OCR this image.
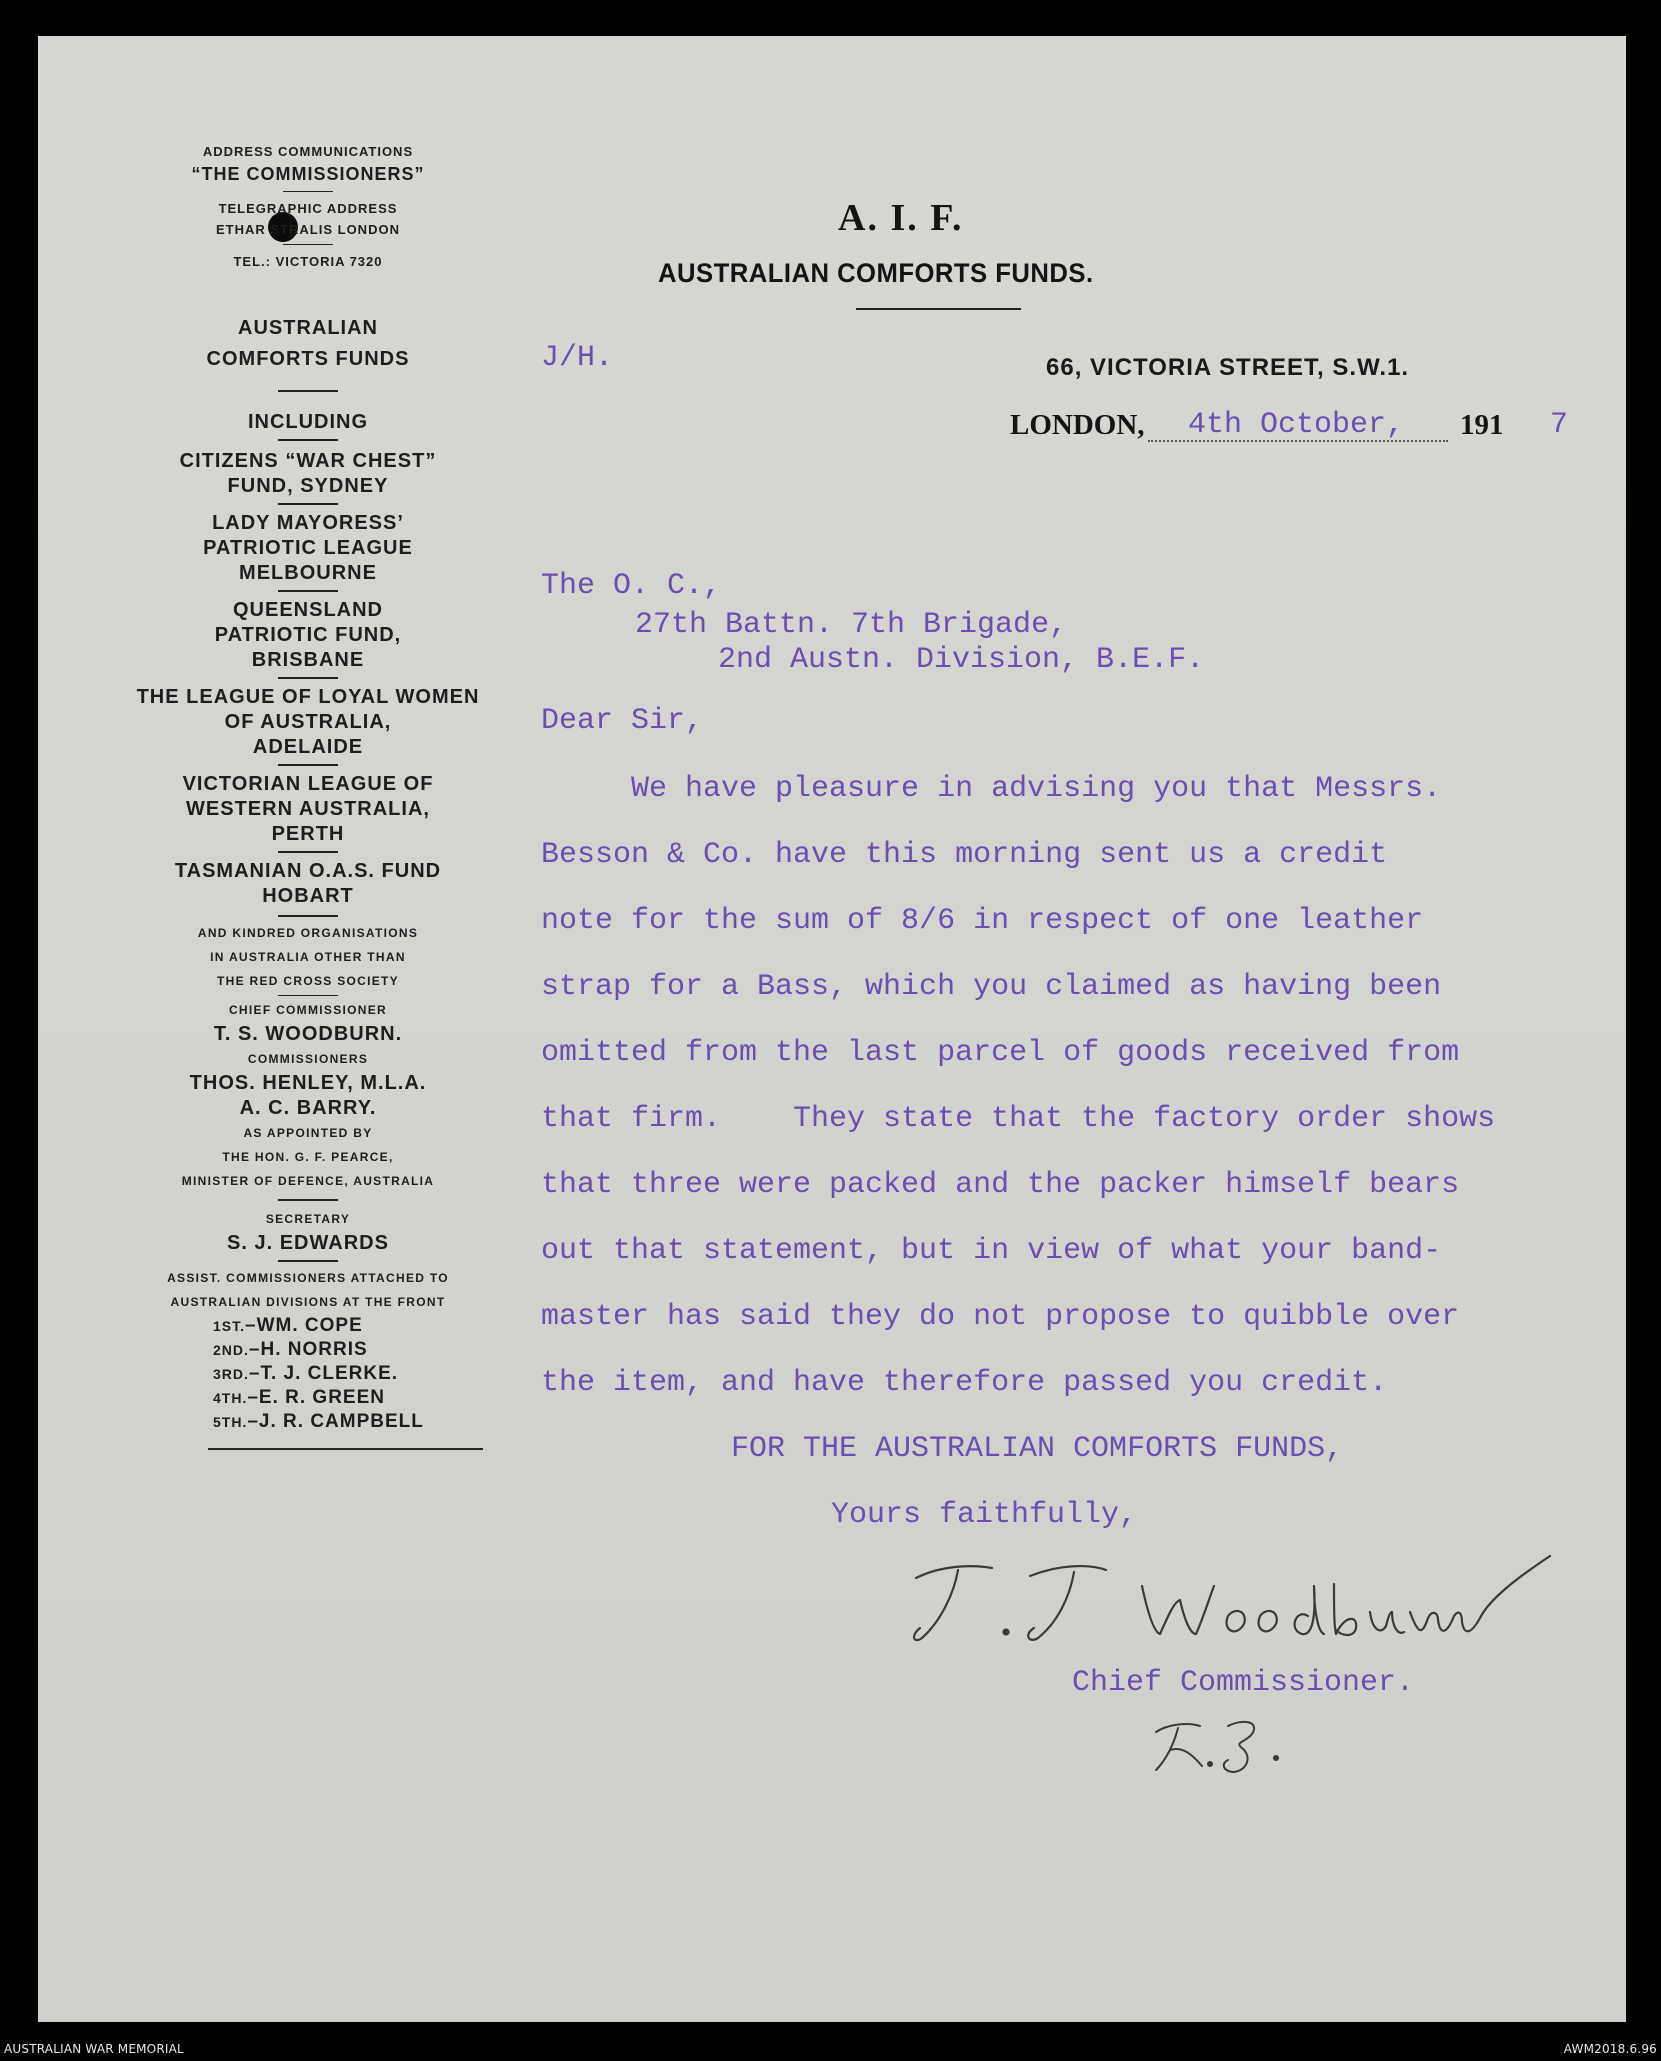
ADDRESS COMMUNICATIONS
“THE COMMISSIONERS”
TELEGRAPHIC ADDRESS
ETHAR STRALIS LONDON
TEL.: VICTORIA 7320
AUSTRALIAN
COMFORTS FUNDS
INCLUDING
CITIZENS “WAR CHEST”
FUND, SYDNEY
LADY MAYORESS’
PATRIOTIC LEAGUE
MELBOURNE
QUEENSLAND
PATRIOTIC FUND,
BRISBANE
THE LEAGUE OF LOYAL WOMEN
OF AUSTRALIA,
ADELAIDE
VICTORIAN LEAGUE OF
WESTERN AUSTRALIA,
PERTH
TASMANIAN O.A.S. FUND
HOBART
AND KINDRED ORGANISATIONS
IN AUSTRALIA OTHER THAN
THE RED CROSS SOCIETY
CHIEF COMMISSIONER
T. S. WOODBURN.
COMMISSIONERS
THOS. HENLEY, M.L.A.
A. C. BARRY.
AS APPOINTED BY
THE HON. G. F. PEARCE,
MINISTER OF DEFENCE, AUSTRALIA
SECRETARY
S. J. EDWARDS
ASSIST. COMMISSIONERS ATTACHED TO
AUSTRALIAN DIVISIONS AT THE FRONT
1ST.–WM. COPE
2ND.–H. NORRIS
3RD.–T. J. CLERKE.
4TH.–E. R. GREEN
5TH.–J. R. CAMPBELL
A. I. F.
AUSTRALIAN COMFORTS FUNDS.
66, VICTORIA STREET, S.W.1.
LONDON,	191
J/H.
4th October,	7
The O. C.,
27th Battn. 7th Brigade,
2nd Austn. Division, B.E.F.
Dear Sir,
We have pleasure in advising you that Messrs.
Besson & Co. have this morning sent us a credit
note for the sum of 8/6 in respect of one leather
strap for a Bass, which you claimed as having been
omitted from the last parcel of goods received from
that firm.    They state that the factory order shows
that three were packed and the packer himself bears
out that statement, but in view of what your band-
master has said they do not propose to quibble over
the item, and have therefore passed you credit.
FOR THE AUSTRALIAN COMFORTS FUNDS,
Yours faithfully,
Chief Commissioner.
AUSTRALIAN WAR MEMORIAL	AWM2018.6.96
